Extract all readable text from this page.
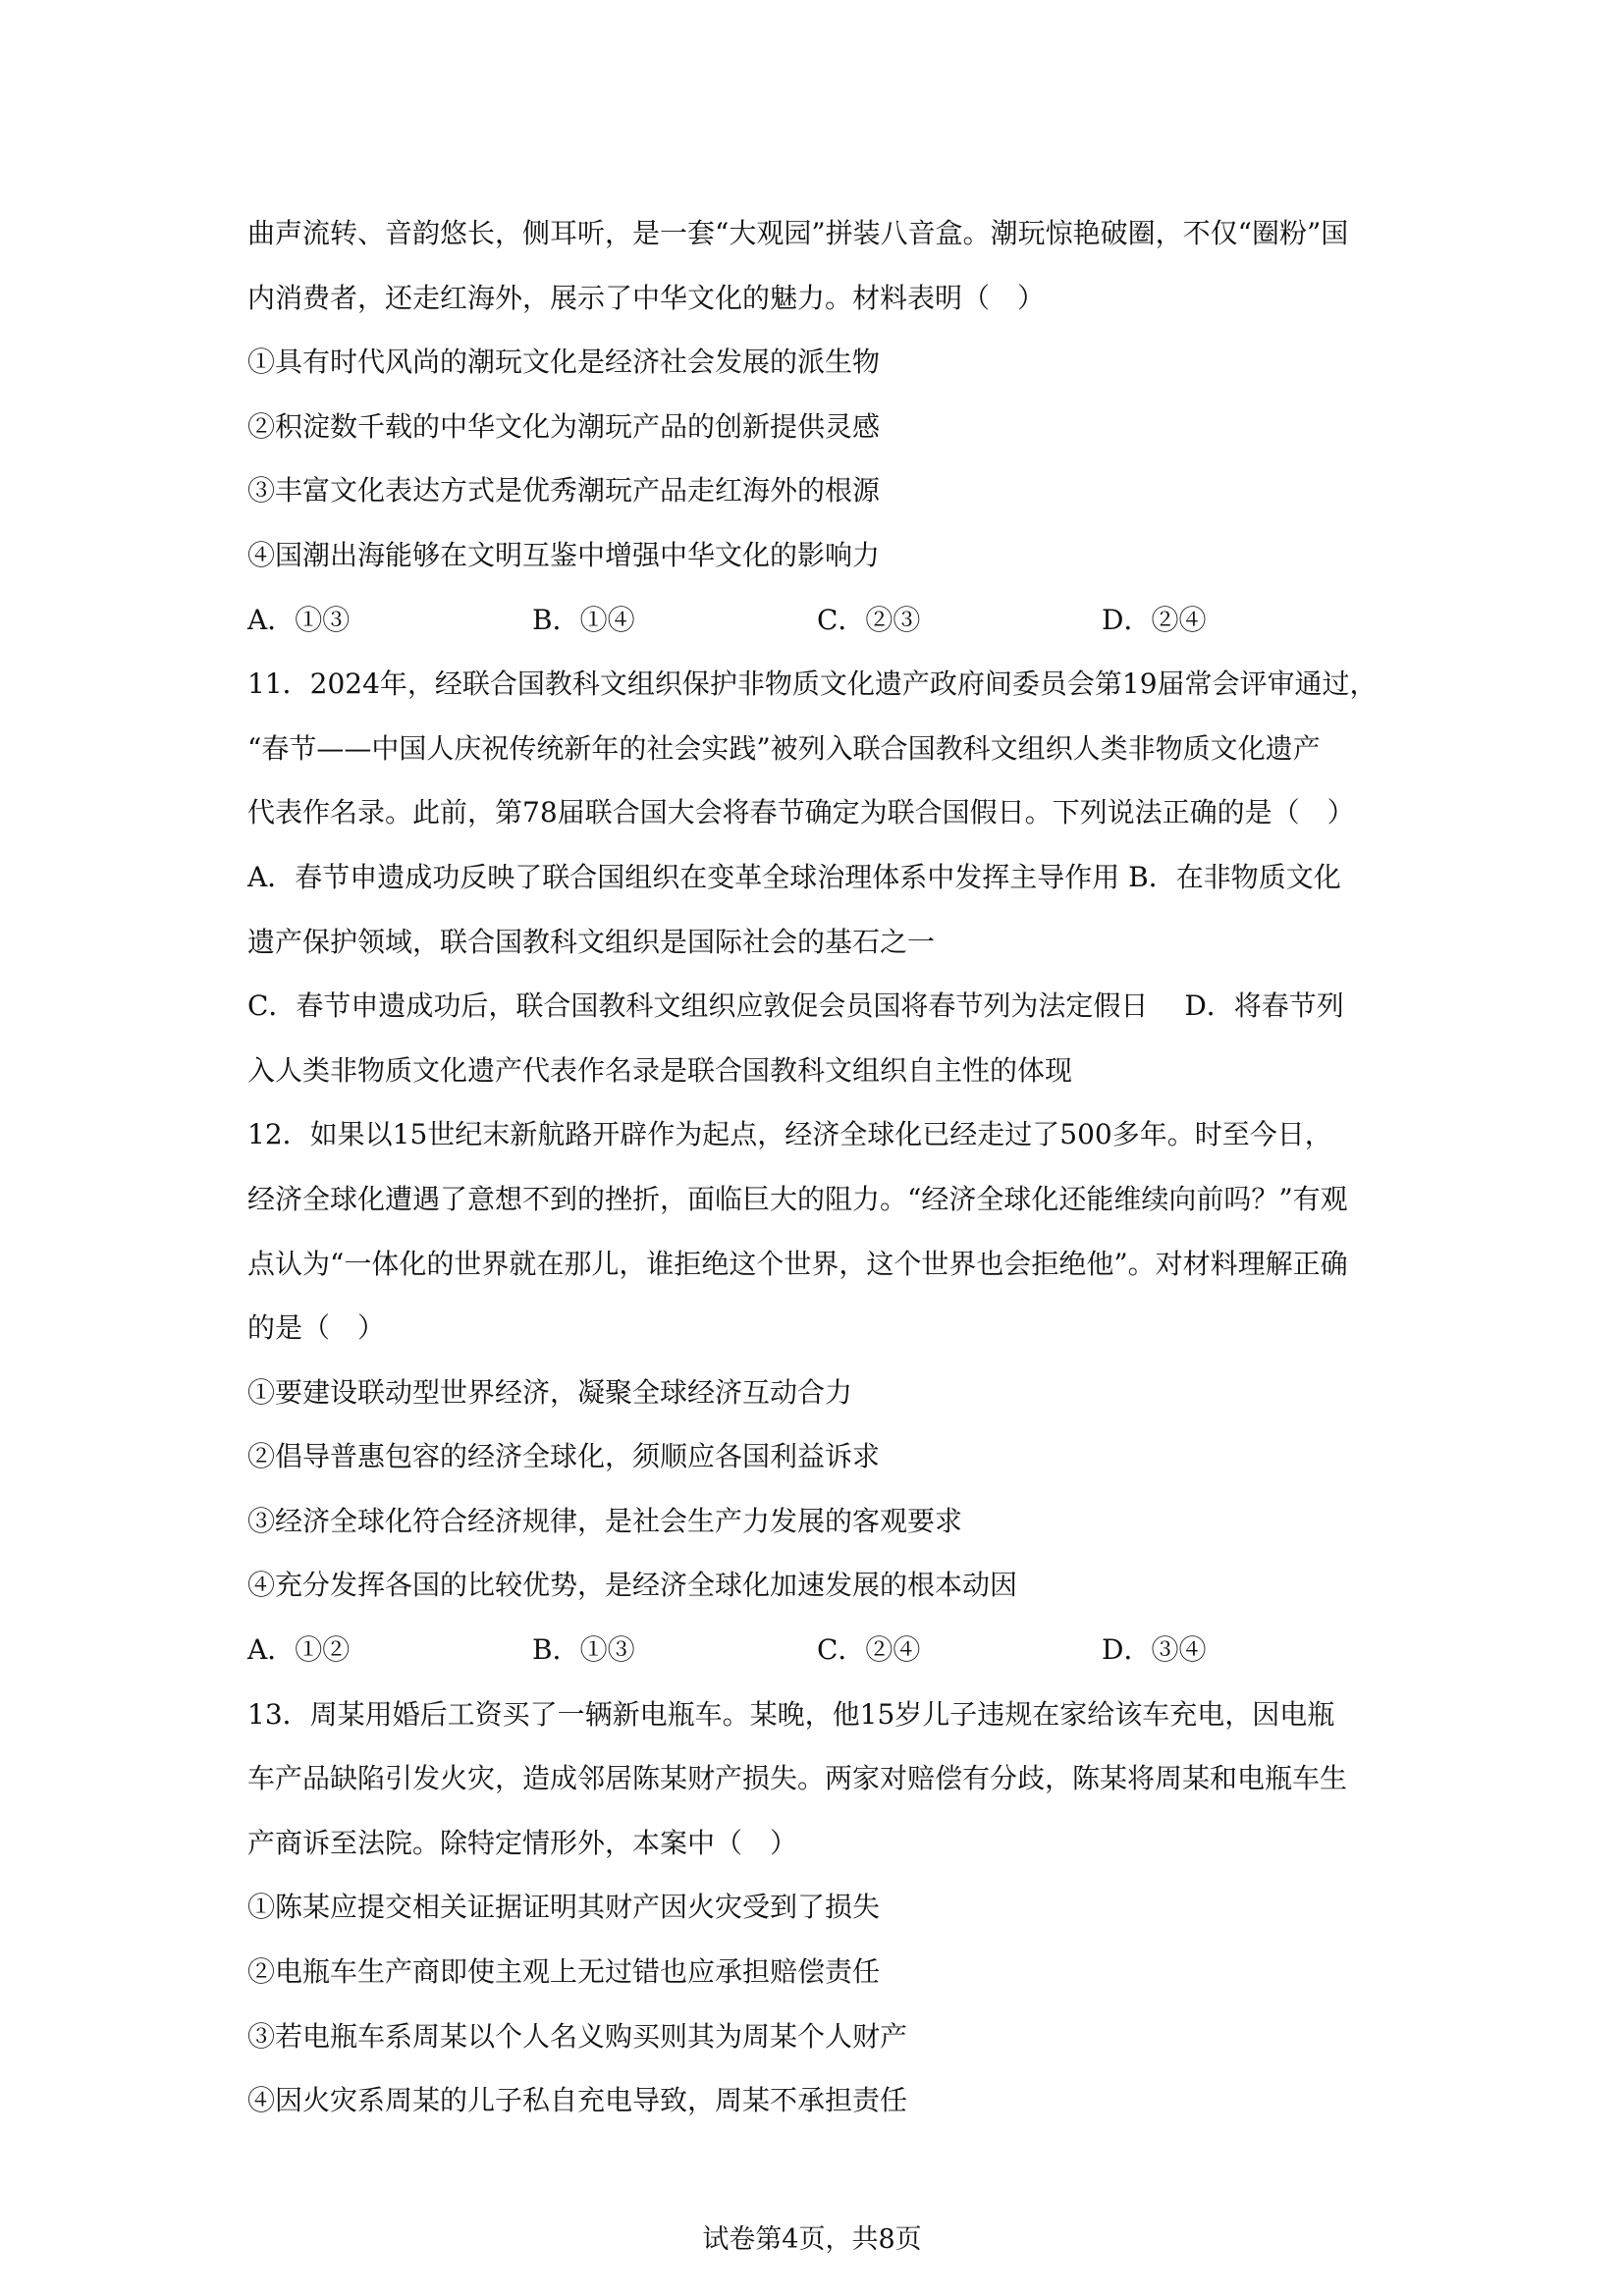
曲声流转、音韵悠长，侧耳听，是一套“大观园”拼装八音盒。潮玩惊艳破圈，不仅“圈粉”国
内消费者，还走红海外，展示了中华文化的魅力。材料表明（　）
①具有时代风尚的潮玩文化是经济社会发展的派生物
②积淀数千载的中华文化为潮玩产品的创新提供灵感
③丰富文化表达方式是优秀潮玩产品走红海外的根源
④国潮出海能够在文明互鉴中增强中华文化的影响力
A．①③	B．①④	C．②③	D．②④
11．2024年，经联合国教科文组织保护非物质文化遗产政府间委员会第19届常会评审通过，
“春节——中国人庆祝传统新年的社会实践”被列入联合国教科文组织人类非物质文化遗产
代表作名录。此前，第78届联合国大会将春节确定为联合国假日。下列说法正确的是（　）
A．春节申遗成功反映了联合国组织在变革全球治理体系中发挥主导作用 B．在非物质文化
遗产保护领域，联合国教科文组织是国际社会的基石之一
C．春节申遗成功后，联合国教科文组织应敦促会员国将春节列为法定假日　 D．将春节列
入人类非物质文化遗产代表作名录是联合国教科文组织自主性的体现
12．如果以15世纪末新航路开辟作为起点，经济全球化已经走过了500多年。时至今日，
经济全球化遭遇了意想不到的挫折，面临巨大的阻力。“经济全球化还能维续向前吗？”有观
点认为“一体化的世界就在那儿，谁拒绝这个世界，这个世界也会拒绝他”。对材料理解正确
的是（　）
①要建设联动型世界经济，凝聚全球经济互动合力
②倡导普惠包容的经济全球化，须顺应各国利益诉求
③经济全球化符合经济规律，是社会生产力发展的客观要求
④充分发挥各国的比较优势，是经济全球化加速发展的根本动因
A．①②	B．①③	C．②④	D．③④
13．周某用婚后工资买了一辆新电瓶车。某晚，他15岁儿子违规在家给该车充电，因电瓶
车产品缺陷引发火灾，造成邻居陈某财产损失。两家对赔偿有分歧，陈某将周某和电瓶车生
产商诉至法院。除特定情形外，本案中（　）
①陈某应提交相关证据证明其财产因火灾受到了损失
②电瓶车生产商即使主观上无过错也应承担赔偿责任
③若电瓶车系周某以个人名义购买则其为周某个人财产
④因火灾系周某的儿子私自充电导致，周某不承担责任
试卷第4页，共8页
